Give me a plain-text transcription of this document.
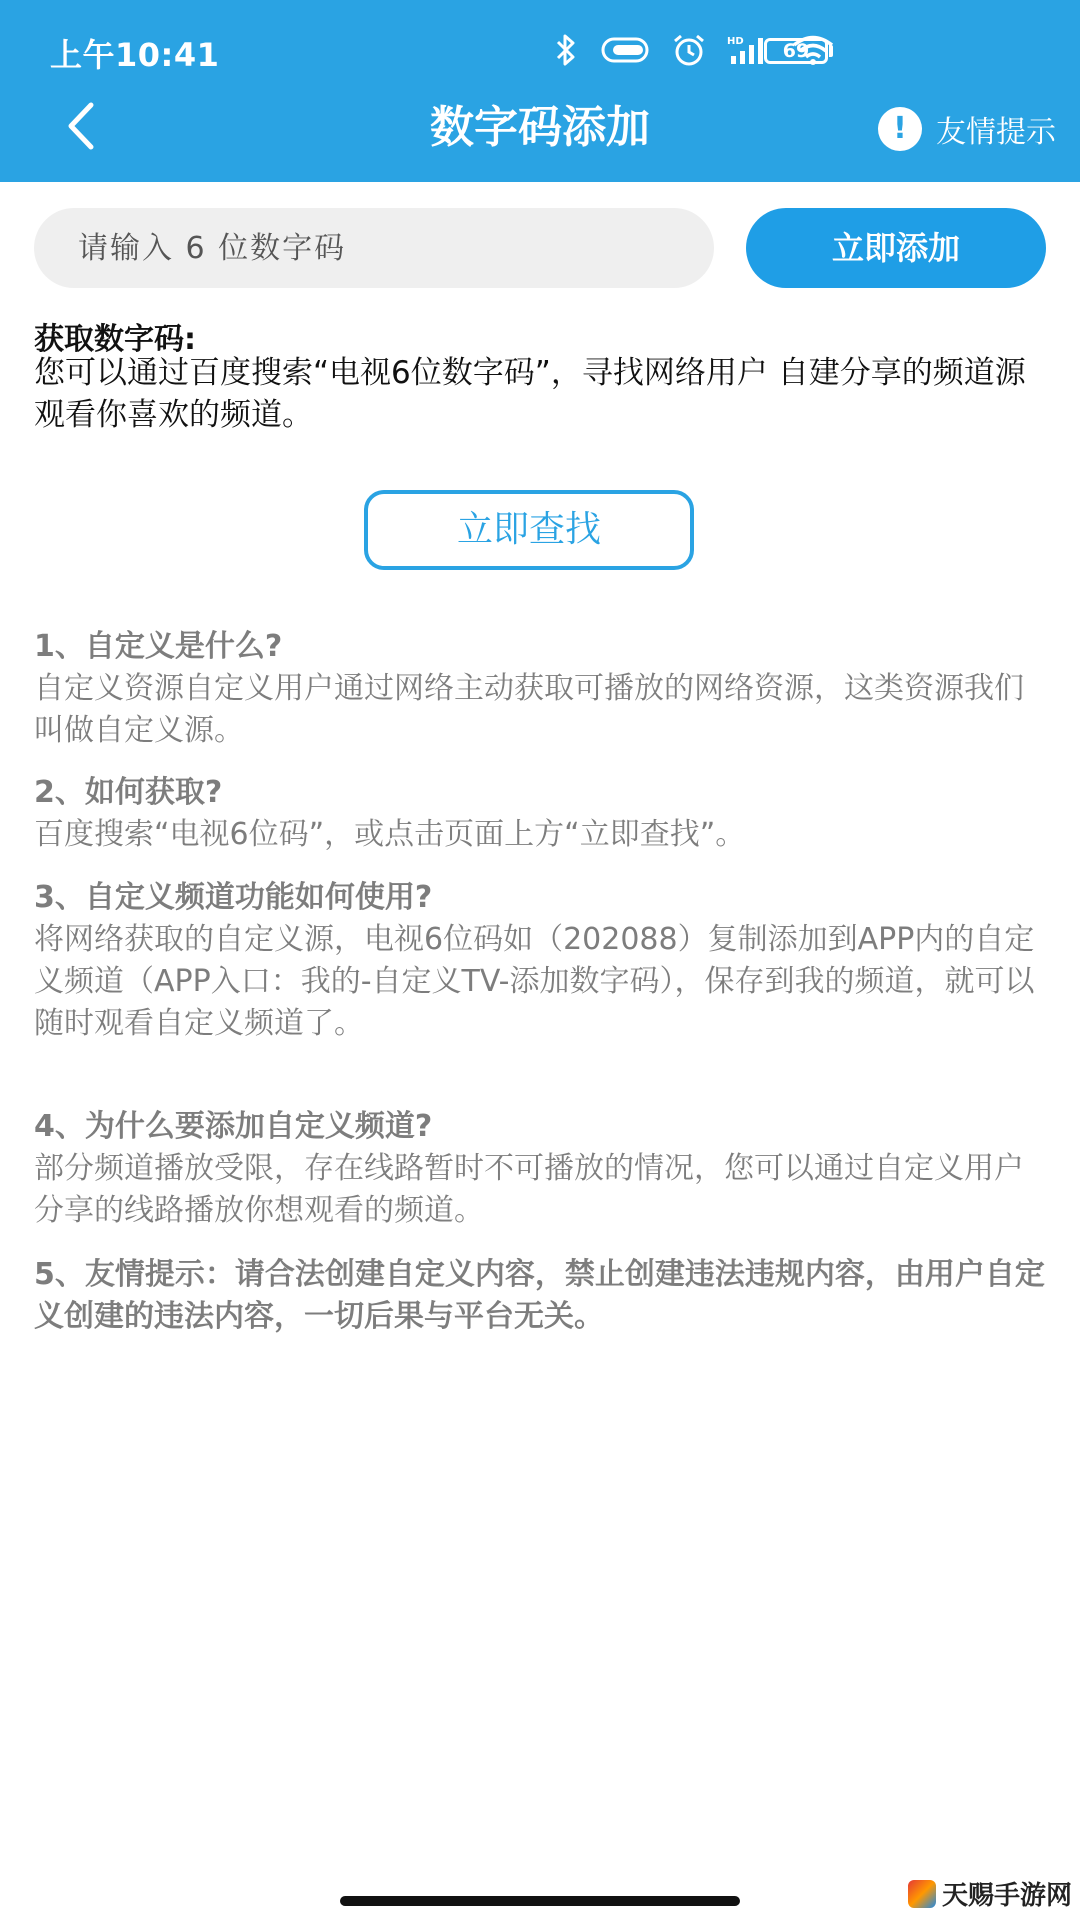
上午10:41	HD	69
数字码添加	! 友情提示
请输入 6 位数字码
立即添加
获取数字码:
您可以通过百度搜索“电视6位数字码”，寻找网络用户 自建分享的频道源观看你喜欢的频道。
立即查找
1、自定义是什么?
自定义资源自定义用户通过网络主动获取可播放的网络资源，这类资源我们叫做自定义源。
2、如何获取?
百度搜索“电视6位码”，或点击页面上方“立即查找”。
3、自定义频道功能如何使用?
将网络获取的自定义源，电视6位码如（202088）复制添加到APP内的自定义频道（APP入口：我的-自定义TV-添加数字码），保存到我的频道，就可以随时观看自定义频道了。
4、为什么要添加自定义频道?
部分频道播放受限，存在线路暂时不可播放的情况，您可以通过自定义用户分享的线路播放你想观看的频道。
5、友情提示：请合法创建自定义内容，禁止创建违法违规内容，由用户自定义创建的违法内容，一切后果与平台无关。
天赐手游网
